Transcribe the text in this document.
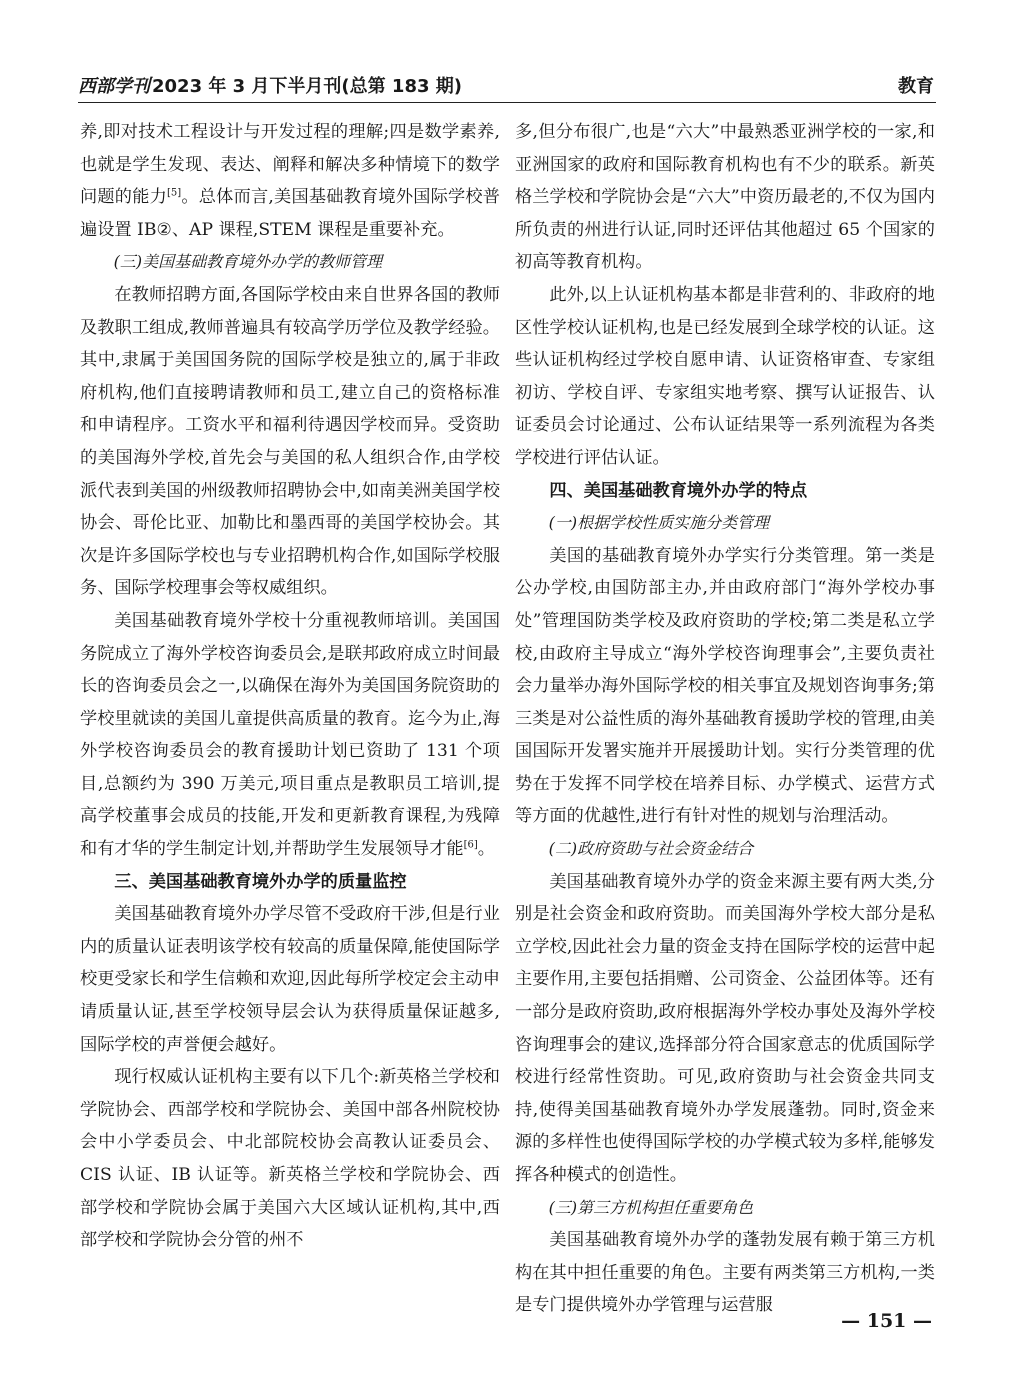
西部学刊 2023 年 3 月下半月刊(总第 183 期)	教育

养,即对技术工程设计与开发过程的理解;四是数学素养,也就是学生发现、表达、阐释和解决多种情境下的数学问题的能力[5]。总体而言,美国基础教育境外国际学校普遍设置 IB②、AP 课程,STEM 课程是重要补充。

(三)美国基础教育境外办学的教师管理

在教师招聘方面,各国际学校由来自世界各国的教师及教职工组成,教师普遍具有较高学历学位及教学经验。其中,隶属于美国国务院的国际学校是独立的,属于非政府机构,他们直接聘请教师和员工,建立自己的资格标准和申请程序。工资水平和福利待遇因学校而异。受资助的美国海外学校,首先会与美国的私人组织合作,由学校派代表到美国的州级教师招聘协会中,如南美洲美国学校协会、哥伦比亚、加勒比和墨西哥的美国学校协会。其次是许多国际学校也与专业招聘机构合作,如国际学校服务、国际学校理事会等权威组织。

美国基础教育境外学校十分重视教师培训。美国国务院成立了海外学校咨询委员会,是联邦政府成立时间最长的咨询委员会之一,以确保在海外为美国国务院资助的学校里就读的美国儿童提供高质量的教育。迄今为止,海外学校咨询委员会的教育援助计划已资助了 131 个项目,总额约为 390 万美元,项目重点是教职员工培训,提高学校董事会成员的技能,开发和更新教育课程,为残障和有才华的学生制定计划,并帮助学生发展领导才能[6]。

三、美国基础教育境外办学的质量监控

美国基础教育境外办学尽管不受政府干涉,但是行业内的质量认证表明该学校有较高的质量保障,能使国际学校更受家长和学生信赖和欢迎,因此每所学校定会主动申请质量认证,甚至学校领导层会认为获得质量保证越多,国际学校的声誉便会越好。

现行权威认证机构主要有以下几个:新英格兰学校和学院协会、西部学校和学院协会、美国中部各州院校协会中小学委员会、中北部院校协会高教认证委员会、CIS 认证、IB 认证等。新英格兰学校和学院协会、西部学校和学院协会属于美国六大区域认证机构,其中,西部学校和学院协会分管的州不

多,但分布很广,也是“六大”中最熟悉亚洲学校的一家,和亚洲国家的政府和国际教育机构也有不少的联系。新英格兰学校和学院协会是“六大”中资历最老的,不仅为国内所负责的州进行认证,同时还评估其他超过 65 个国家的初高等教育机构。

此外,以上认证机构基本都是非营利的、非政府的地区性学校认证机构,也是已经发展到全球学校的认证。这些认证机构经过学校自愿申请、认证资格审查、专家组初访、学校自评、专家组实地考察、撰写认证报告、认证委员会讨论通过、公布认证结果等一系列流程为各类学校进行评估认证。

四、美国基础教育境外办学的特点
(一)根据学校性质实施分类管理

美国的基础教育境外办学实行分类管理。第一类是公办学校,由国防部主办,并由政府部门“海外学校办事处”管理国防类学校及政府资助的学校;第二类是私立学校,由政府主导成立“海外学校咨询理事会”,主要负责社会力量举办海外国际学校的相关事宜及规划咨询事务;第三类是对公益性质的海外基础教育援助学校的管理,由美国国际开发署实施并开展援助计划。实行分类管理的优势在于发挥不同学校在培养目标、办学模式、运营方式等方面的优越性,进行有针对性的规划与治理活动。

(二)政府资助与社会资金结合

美国基础教育境外办学的资金来源主要有两大类,分别是社会资金和政府资助。而美国海外学校大部分是私立学校,因此社会力量的资金支持在国际学校的运营中起主要作用,主要包括捐赠、公司资金、公益团体等。还有一部分是政府资助,政府根据海外学校办事处及海外学校咨询理事会的建议,选择部分符合国家意志的优质国际学校进行经常性资助。可见,政府资助与社会资金共同支持,使得美国基础教育境外办学发展蓬勃。同时,资金来源的多样性也使得国际学校的办学模式较为多样,能够发挥各种模式的创造性。

(三)第三方机构担任重要角色

美国基础教育境外办学的蓬勃发展有赖于第三方机构在其中担任重要的角色。主要有两类第三方机构,一类是专门提供境外办学管理与运营服

— 151 —
